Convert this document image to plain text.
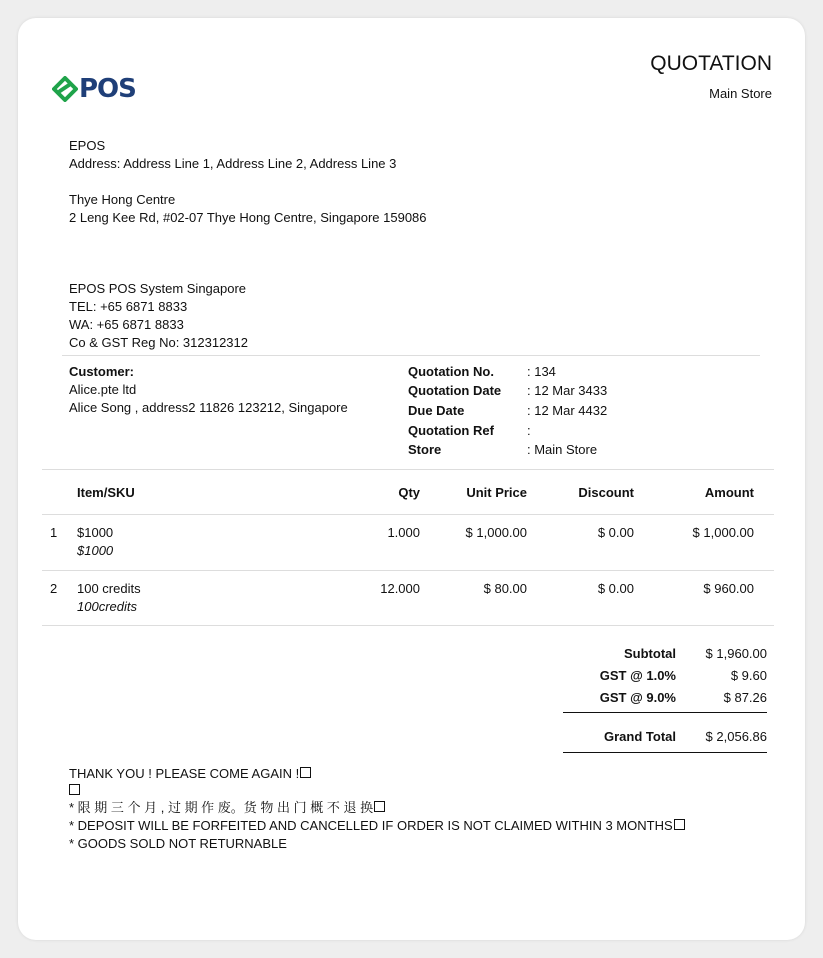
POS
QUOTATION
Main Store
EPOS
Address: Address Line 1, Address Line 2, Address Line 3
Thye Hong Centre
2 Leng Kee Rd, #02-07 Thye Hong Centre, Singapore 159086
EPOS POS System Singapore
TEL: +65 6871 8833
WA: +65 6871 8833
Co & GST Reg No: 312312312
Customer:
Alice.pte ltd
Alice Song , address2 11826 123212, Singapore
Quotation No.	: 134
Quotation Date : 12 Mar 3433
Due Date	: 12 Mar 4432
Quotation Ref	:
Store	: Main Store
Item/SKU	Qty	Unit Price	Discount	Amount
1 $1000
$1000
1.000	$ 1,000.00	$ 0.00	$ 1,000.00
2 100 credits
100credits
12.000	$ 80.00	$ 0.00	$ 960.00
Subtotal	$ 1,960.00
GST @ 1.0%	$ 9.60
GST @ 9.0%	$ 87.26
Grand Total	$ 2,056.86
THANK YOU ! PLEASE COME AGAIN !
* 限 期 三 个 月 , 过 期 作 废。货 物 出 门 概 不 退 换
* DEPOSIT WILL BE FORFEITED AND CANCELLED IF ORDER IS NOT CLAIMED WITHIN 3 MONTHS
* GOODS SOLD NOT RETURNABLE
